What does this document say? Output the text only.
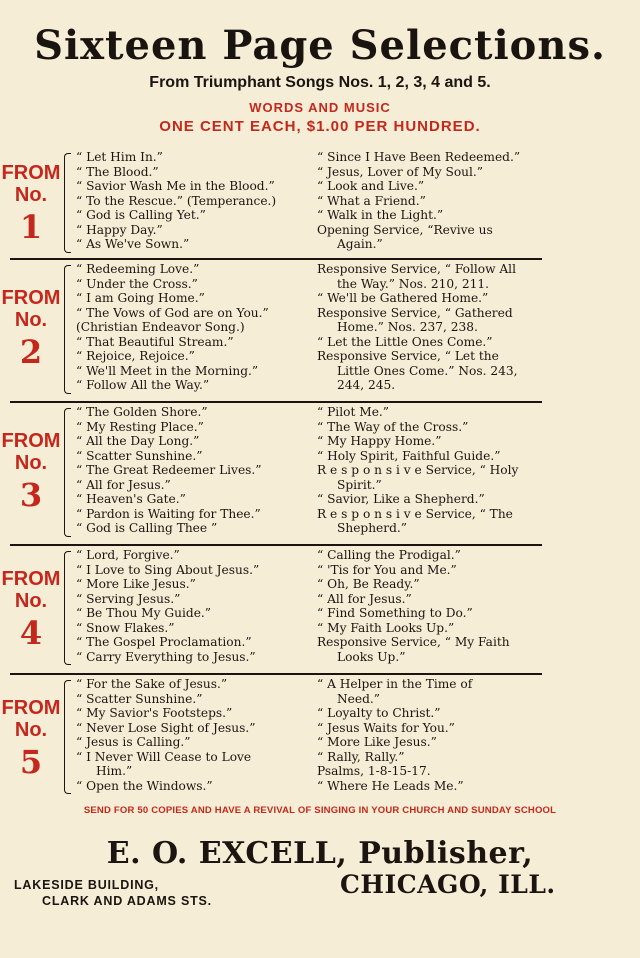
Sixteen Page Selections.
From Triumphant Songs Nos. 1, 2, 3, 4 and 5.
WORDS AND MUSIC
ONE CENT EACH, $1.00 PER HUNDRED.
FROM
No.
1
“ Let Him In.”
“ The Blood.”
“ Savior Wash Me in the Blood.”
“ To the Rescue.” (Temperance.)
“ God is Calling Yet.”
“ Happy Day.”
“ As We've Sown.”
“ Since I Have Been Redeemed.”
“ Jesus, Lover of My Soul.”
“ Look and Live.”
“ What a Friend.”
“ Walk in the Light.”
Opening Service, “Revive us
Again.”
FROM
No.
2
“ Redeeming Love.”
“ Under the Cross.”
“ I am Going Home.”
“ The Vows of God are on You.”
(Christian Endeavor Song.)
“ That Beautiful Stream.”
“ Rejoice, Rejoice.”
“ We'll Meet in the Morning.”
“ Follow All the Way.”
Responsive Service, “ Follow All
the Way.” Nos. 210, 211.
“ We'll be Gathered Home.”
Responsive Service, “ Gathered
Home.” Nos. 237, 238.
“ Let the Little Ones Come.”
Responsive Service, “ Let the
Little Ones Come.” Nos. 243,
244, 245.
FROM
No.
3
“ The Golden Shore.”
“ My Resting Place.”
“ All the Day Long.”
“ Scatter Sunshine.”
“ The Great Redeemer Lives.”
“ All for Jesus.”
“ Heaven's Gate.”
“ Pardon is Waiting for Thee.”
“ God is Calling Thee ”
“ Pilot Me.”
“ The Way of the Cross.”
“ My Happy Home.”
“ Holy Spirit, Faithful Guide.”
R e s p o n s i v e Service, “ Holy
Spirit.”
“ Savior, Like a Shepherd.”
R e s p o n s i v e Service, “ The
Shepherd.”
FROM
No.
4
“ Lord, Forgive.”
“ I Love to Sing About Jesus.”
“ More Like Jesus.”
“ Serving Jesus.”
“ Be Thou My Guide.”
“ Snow Flakes.”
“ The Gospel Proclamation.”
“ Carry Everything to Jesus.”
“ Calling the Prodigal.”
“ 'Tis for You and Me.”
“ Oh, Be Ready.”
“ All for Jesus.”
“ Find Something to Do.”
“ My Faith Looks Up.”
Responsive Service, “ My Faith
Looks Up.”
FROM
No.
5
“ For the Sake of Jesus.”
“ Scatter Sunshine.”
“ My Savior's Footsteps.”
“ Never Lose Sight of Jesus.”
“ Jesus is Calling.”
“ I Never Will Cease to Love
Him.”
“ Open the Windows.”
“ A Helper in the Time of
Need.”
“ Loyalty to Christ.”
“ Jesus Waits for You.”
“ More Like Jesus.”
“ Rally, Rally.”
Psalms, 1-8-15-17.
“ Where He Leads Me.”
SEND FOR 50 COPIES AND HAVE A REVIVAL OF SINGING IN YOUR CHURCH AND SUNDAY SCHOOL
E. O. EXCELL, Publisher,
LAKESIDE BUILDING,
CLARK AND ADAMS STS.
CHICAGO, ILL.
